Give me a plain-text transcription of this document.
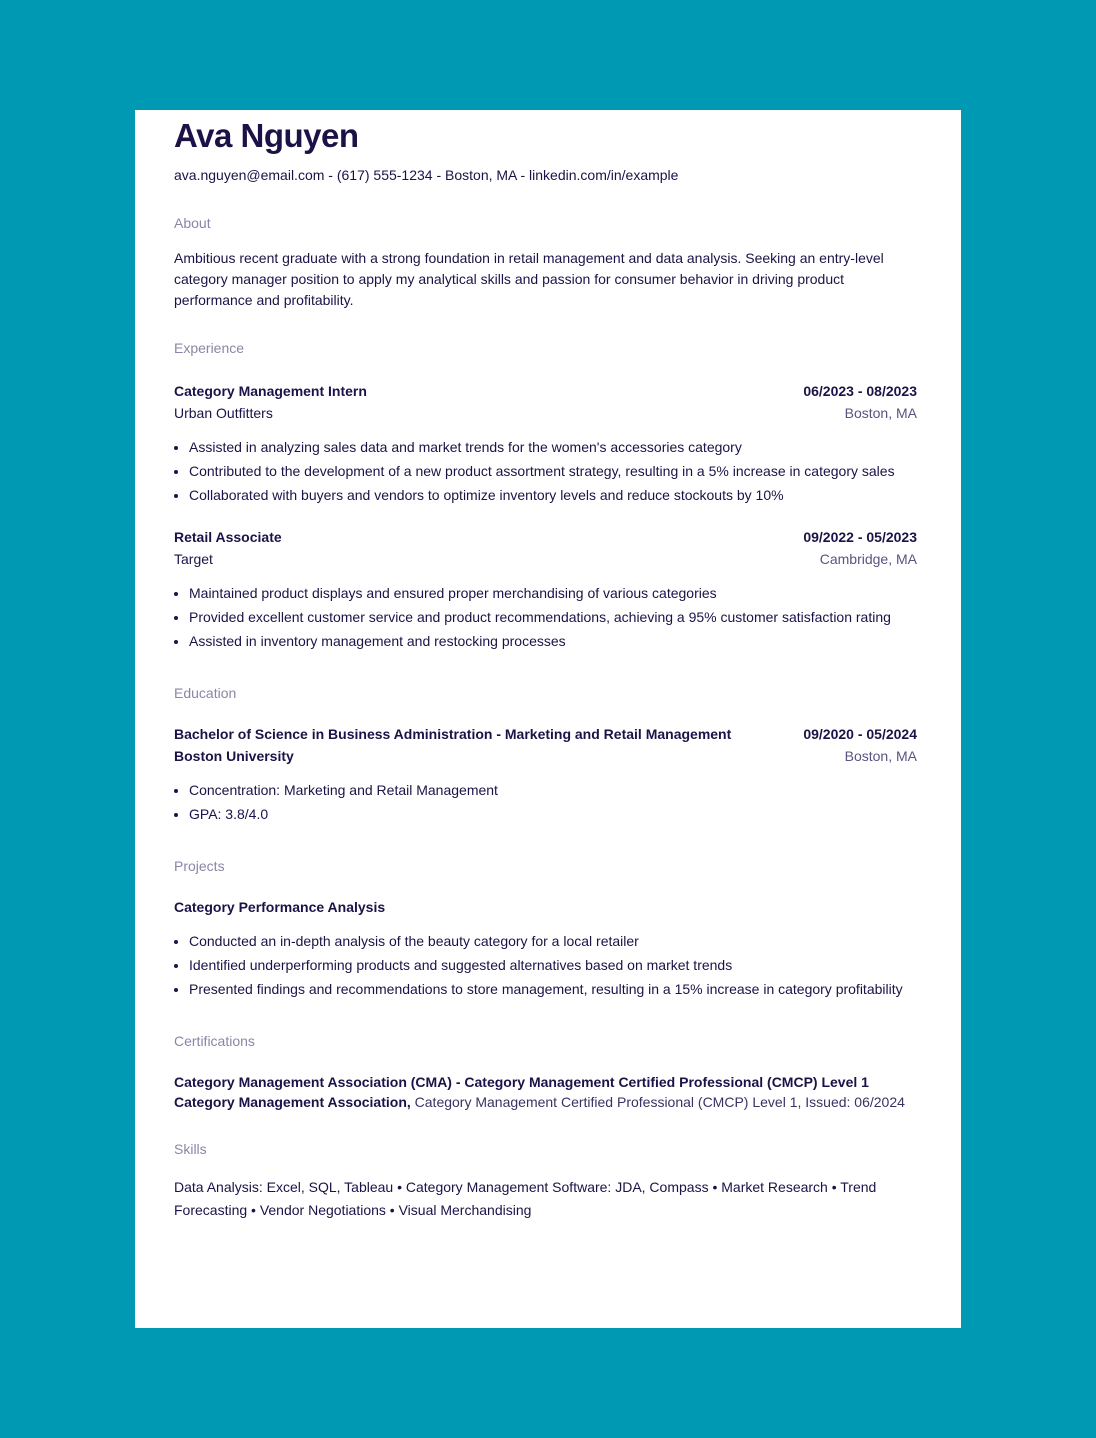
Ava Nguyen
ava.nguyen@email.com - (617) 555-1234 - Boston, MA - linkedin.com/in/example
About
Ambitious recent graduate with a strong foundation in retail management and data analysis. Seeking an entry-level category manager position to apply my analytical skills and passion for consumer behavior in driving product performance and profitability.
Experience
Category Management Intern	06/2023 - 08/2023
Urban Outfitters	Boston, MA
• Assisted in analyzing sales data and market trends for the women's accessories category
• Contributed to the development of a new product assortment strategy, resulting in a 5% increase in category sales
• Collaborated with buyers and vendors to optimize inventory levels and reduce stockouts by 10%
Retail Associate	09/2022 - 05/2023
Target	Cambridge, MA
• Maintained product displays and ensured proper merchandising of various categories
• Provided excellent customer service and product recommendations, achieving a 95% customer satisfaction rating
• Assisted in inventory management and restocking processes
Education
Bachelor of Science in Business Administration - Marketing and Retail Management	09/2020 - 05/2024
Boston University	Boston, MA
• Concentration: Marketing and Retail Management
• GPA: 3.8/4.0
Projects
Category Performance Analysis
• Conducted an in-depth analysis of the beauty category for a local retailer
• Identified underperforming products and suggested alternatives based on market trends
• Presented findings and recommendations to store management, resulting in a 15% increase in category profitability
Certifications
Category Management Association (CMA) - Category Management Certified Professional (CMCP) Level 1
Category Management Association, Category Management Certified Professional (CMCP) Level 1, Issued: 06/2024
Skills
Data Analysis: Excel, SQL, Tableau • Category Management Software: JDA, Compass • Market Research • Trend Forecasting • Vendor Negotiations • Visual Merchandising
